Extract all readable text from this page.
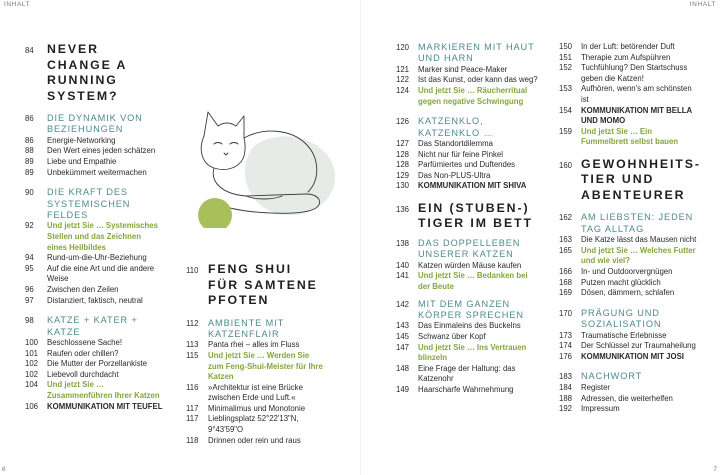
INHALT
84	NEVER CHANGE A RUNNING SYSTEM?
86	DIE DYNAMIK VON BEZIEHUNGEN
86	Energie-Networking
88	Den Wert eines jeden schätzen
89	Liebe und Empathie
89	Unbekümmert weitermachen
90	DIE KRAFT DES SYSTEMISCHEN FELDES
92	Und jetzt Sie … Systemisches Stellen und das Zeichnen eines Heilbildes
94	Rund-um-die-Uhr-Beziehung
95	Auf die eine Art und die andere Weise
96	Zwischen den Zeilen
97	Distanziert, faktisch, neutral
98	KATZE + KATER + KATZE
100	Beschlossene Sache!
101	Raufen oder chillen?
102	Die Mutter der Porzellankiste
102	Liebevoll durchdacht
104	Und jetzt Sie … Zusammenführen Ihrer Katzen
106	KOMMUNIKATION MIT TEUFEL
110 FENG SHUI FÜR SAMTENE PFOTEN
112	AMBIENTE MIT KATZENFLAIR
113	Panta rhei – alles im Fluss
115	Und jetzt Sie … Werden Sie zum Feng-Shui-Meister für Ihre Katzen
116	»Architektur ist eine Brücke zwischen Erde und Luft.«
117	Minimalimus und Monotonie
117	Lieblingsplatz 52°22'13"N, 9°43'59"O
118	Drinnen oder rein und raus
6
INHALT
120 MARKIEREN MIT HAUT UND HARN
121	Marker sind Peace-Maker
122	Ist das Kunst, oder kann das weg?
124	Und jetzt Sie … Räucherritual gegen negative Schwingung
126 KATZENKLO, KATZENKLO …
127	Das Standortdilemma
128	Nicht nur für feine Pinkel
128	Parfümiertes und Duftendes
129	Das Non-PLUS-Ultra
130	KOMMUNIKATION MIT SHIVA
136 EIN (STUBEN-) TIGER IM BETT
138 DAS DOPPELLEBEN UNSERER KATZEN
140	Katzen würden Mäuse kaufen
141	Und jetzt Sie … Bedanken bei der Beute
142 MIT DEM GANZEN KÖRPER SPRECHEN
143	Das Einmaleins des Buckelns
145	Schwanz über Kopf
147	Und jetzt Sie … Ins Vertrauen blinzeln
148	Eine Frage der Haltung: das Katzenohr
149	Haarscharfe Wahrnehmung
150	In der Luft: betörender Duft
151	Therapie zum Aufspühren
152	Tuchfühlung? Den Startschuss geben die Katzen!
153	Aufhören, wenn's am schönsten ist
154	KOMMUNIKATION MIT BELLA UND MOMO
159	Und jetzt Sie … Ein Fummelbrett selbst bauen
160 GEWOHNHEITSTIER UND ABENTEURER
162 AM LIEBSTEN: JEDEN TAG ALLTAG
163	Die Katze lässt das Mausen nicht
165	Und jetzt Sie … Welches Futter und wie viel?
166	In- und Outdoorvergnügen
168	Putzen macht glücklich
169	Dösen, dämmern, schlafen
170 PRÄGUNG UND SOZIALISATION
173	Traumatische Erlebnisse
174	Der Schlüssel zur Traumaheilung
176	KOMMUNIKATION MIT JOSI
183 NACHWORT
184	Register
188	Adressen, die weiterhelfen
192	Impressum
7
